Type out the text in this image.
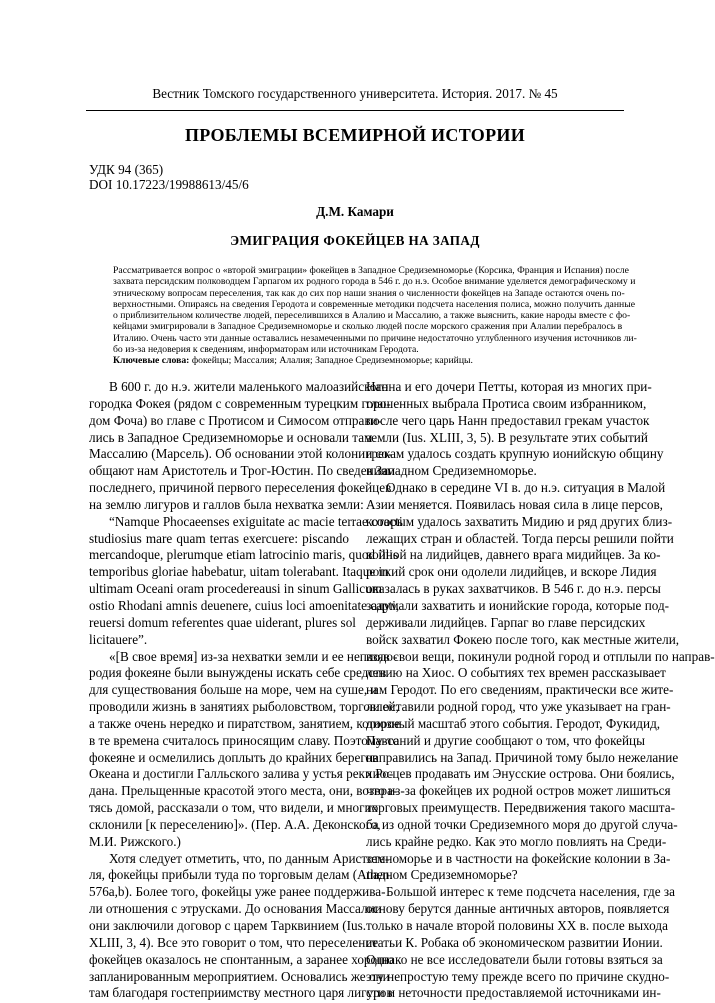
Вестник Томского государственного университета. История. 2017. № 45
ПРОБЛЕМЫ ВСЕМИРНОЙ ИСТОРИИ
УДК 94 (365)
DOI 10.17223/19988613/45/6
Д.М. Камари
ЭМИГРАЦИЯ ФОКЕЙЦЕВ НА ЗАПАД
Рассматривается вопрос о «второй эмиграции» фокейцев в Западное Средиземноморье (Корсика, Франция и Испания) после
захвата персидским полководцем Гарпагом их родного города в 546 г. до н.э. Особое внимание уделяется демографическому и
этническому вопросам переселения, так как до сих пор наши знания о численности фокейцев на Западе остаются очень по-
верхностными. Опираясь на сведения Геродота и современные методики подсчета населения полиса, можно получить данные
о приблизительном количестве людей, переселившихся в Алалию и Массалию, а также выяснить, какие народы вместе с фо-
кейцами эмигрировали в Западное Средиземноморье и сколько людей после морского сражения при Алалии перебралось в
Италию. Очень часто эти данные оставались незамеченными по причине недостаточно углубленного изучения источников ли-
бо из-за недоверия к сведениям, информаторам или источникам Геродота.
Ключевые слова: фокейцы; Массалия; Алалия; Западное Средиземноморье; карийцы.
В 600 г. до н.э. жители маленького малоазийского
городка Фокея (рядом с современным турецким горо-
дом Фоча) во главе с Протисом и Симосом отправи-
лись в Западное Средиземноморье и основали там
Массалию (Марсель). Об основании этой колонии со-
общают нам Аристотель и Трог-Юстин. По сведениям
последнего, причиной первого переселения фокейцев
на землю лигуров и галлов была нехватка земли:
“Namque Phocaeenses exiguitate ac macie terrae coacti
studiosius mare quam terras exercuere: piscando
mercandoque, plerumque etiam latrocinio maris, quod illis
temporibus gloriae habebatur, uitam tolerabant. Itaque in
ultimam Oceani oram procedereausi in sinum Gallicum
ostio Rhodani amnis deuenere, cuius loci amoenitate capti,
reuersi domum referentes quae uiderant, plures sol
licitauere”.
«[В свое время] из-за нехватки земли и ее неплодо-
родия фокеяне были вынуждены искать себе средств
для существования больше на море, чем на суше, и
проводили жизнь в занятиях рыболовством, торговлей,
а также очень нередко и пиратством, занятием, которое
в те времена считалось приносящим славу. Поэтому-то
фокеяне и осмелились доплыть до крайних берегов
Океана и достигли Галльского залива у устья реки Ро-
дана. Прельщенные красотой этого места, они, возвра-
тясь домой, рассказали о том, что видели, и многих
склонили [к переселению]». (Пер. А.А. Деконского,
М.И. Рижского.)
Хотя следует отметить, что, по данным Аристоте-
ля, фокейцы прибыли туда по торговым делам (Athen.
576a,b). Более того, фокейцы уже ранее поддержива-
ли отношения с этрусками. До основания Массалии
они заключили договор с царем Тарквинием (Ius.
XLIII, 3, 4). Все это говорит о том, что переселение
фокейцев оказалось не спонтанным, а заранее хорошо
запланированным мероприятием. Основались же они
там благодаря гостеприимству местного царя лигуров
Нанна и его дочери Петты, которая из многих при-
глашенных выбрала Протиса своим избранником,
после чего царь Нанн предоставил грекам участок
земли (Ius. XLIII, 3, 5). В результате этих событий
грекам удалось создать крупную ионийскую общину
в Западном Средиземноморье.
Однако в середине VI в. до н.э. ситуация в Малой
Азии меняется. Появилась новая сила в лице персов,
которым удалось захватить Мидию и ряд других близ-
лежащих стран и областей. Тогда персы решили пойти
войной на лидийцев, давнего врага мидийцев. За ко-
роткий срок они одолели лидийцев, и вскоре Лидия
оказалась в руках захватчиков. В 546 г. до н.э. персы
задумали захватить и ионийские города, которые под-
держивали лидийцев. Гарпаг во главе персидских
войск захватил Фокею после того, как местные жители,
взяв свои вещи, покинули родной город и отплыли по направ-
лению на Хиос. О событиях тех времен рассказывает
нам Геродот. По его сведениям, практически все жите-
ли оставили родной город, что уже указывает на гран-
диозный масштаб этого события. Геродот, Фукидид,
Павсаний и другие сообщают о том, что фокейцы
направились на Запад. Причиной тому было нежелание
хиосцев продавать им Энусские острова. Они боялись,
что из-за фокейцев их родной остров может лишиться
торговых преимуществ. Передвижения такого масшта-
ба из одной точки Средиземного моря до другой случа-
лись крайне редко. Как это могло повлиять на Среди-
земноморье и в частности на фокейские колонии в За-
падном Средиземноморье?
Большой интерес к теме подсчета населения, где за
основу берутся данные античных авторов, появляется
только в начале второй половины XX в. после выхода
статьи К. Робака об экономическом развитии Ионии.
Однако не все исследователи были готовы взяться за
эту непростую тему прежде всего по причине скудно-
сти и неточности предоставляемой источниками ин-
